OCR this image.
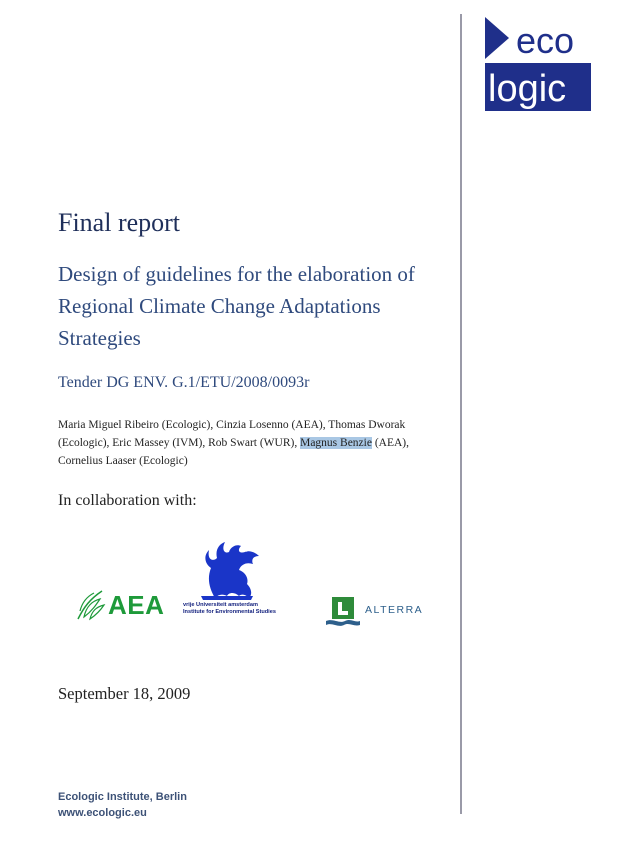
eco
logic
Final report
Design of guidelines for the elaboration of Regional Climate Change Adaptations Strategies
Tender DG ENV. G.1/ETU/2008/0093r
Maria Miguel Ribeiro (Ecologic), Cinzia Losenno (AEA), Thomas Dworak (Ecologic), Eric Massey (IVM), Rob Swart (WUR), Magnus Benzie (AEA), Cornelius Laaser (Ecologic)
In collaboration with:
AEA	vrije Universiteit amsterdam
Institute for Environmental Studies	ALTERRA
September 18, 2009
Ecologic Institute, Berlin
www.ecologic.eu
